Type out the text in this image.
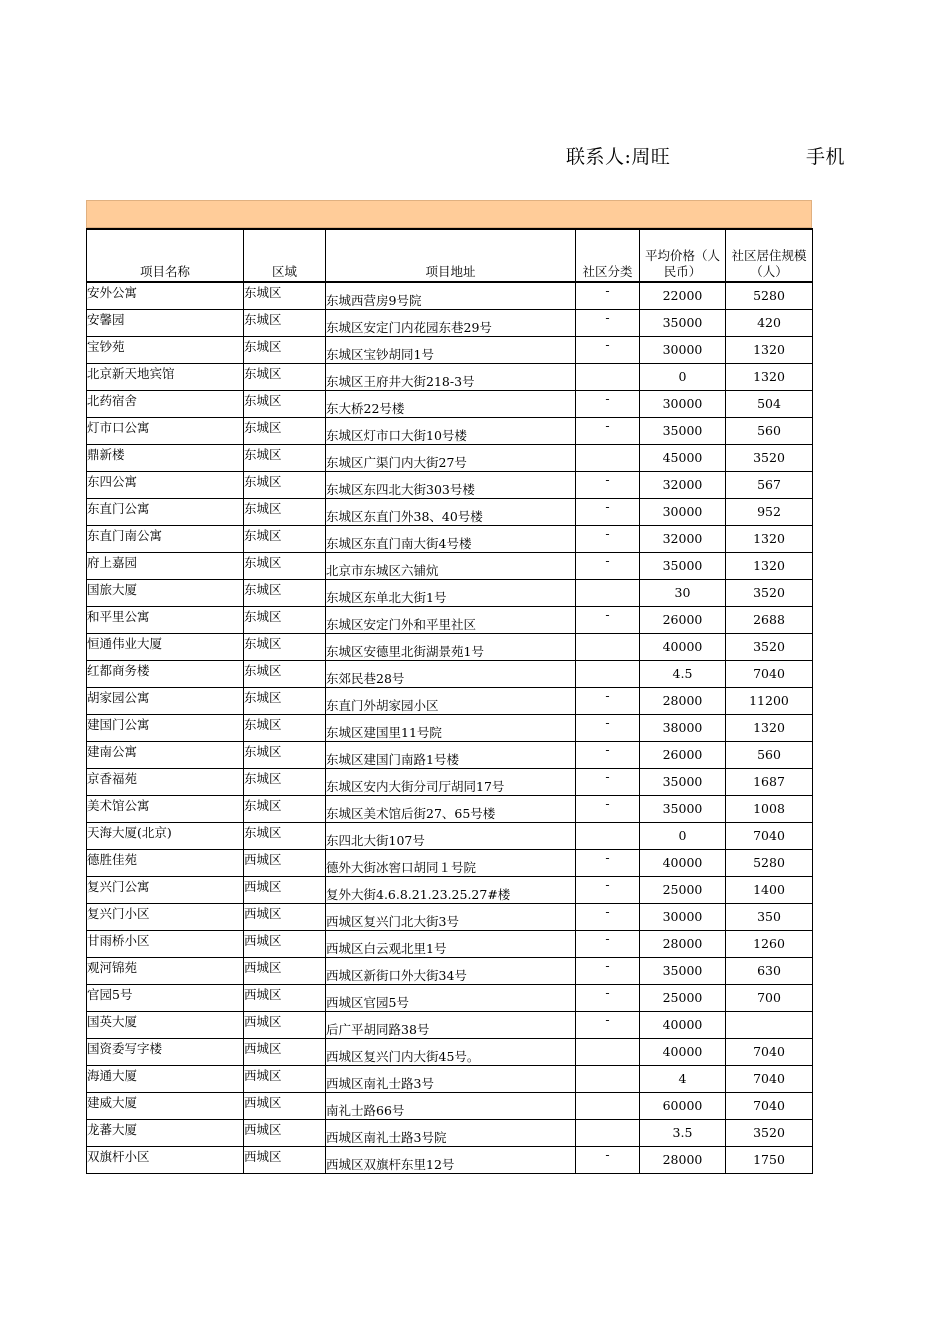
联系人:周旺	手机
项目名称	区域	项目地址	社区分类	平均价格（人民币）	社区居住规模（人）
安外公寓	东城区	东城西营房9号院	-	22000	5280
安馨园	东城区	东城区安定门内花园东巷29号	-	35000	420
宝钞苑	东城区	东城区宝钞胡同1号	-	30000	1320
北京新天地宾馆	东城区	东城区王府井大街218-3号		0	1320
北药宿舍	东城区	东大桥22号楼	-	30000	504
灯市口公寓	东城区	东城区灯市口大街10号楼	-	35000	560
鼎新楼	东城区	东城区广渠门内大街27号		45000	3520
东四公寓	东城区	东城区东四北大街303号楼	-	32000	567
东直门公寓	东城区	东城区东直门外38、40号楼	-	30000	952
东直门南公寓	东城区	东城区东直门南大街4号楼	-	32000	1320
府上嘉园	东城区	北京市东城区六铺炕	-	35000	1320
国旅大厦	东城区	东城区东单北大街1号		30	3520
和平里公寓	东城区	东城区安定门外和平里社区	-	26000	2688
恒通伟业大厦	东城区	东城区安德里北街湖景苑1号		40000	3520
红都商务楼	东城区	东郊民巷28号		4.5	7040
胡家园公寓	东城区	东直门外胡家园小区	-	28000	11200
建国门公寓	东城区	东城区建国里11号院	-	38000	1320
建南公寓	东城区	东城区建国门南路1号楼	-	26000	560
京香福苑	东城区	东城区安内大街分司厅胡同17号	-	35000	1687
美术馆公寓	东城区	东城区美术馆后街27、65号楼	-	35000	1008
天海大厦(北京)	东城区	东四北大街107号		0	7040
德胜佳苑	西城区	德外大街冰窖口胡同１号院	-	40000	5280
复兴门公寓	西城区	复外大街4.6.8.21.23.25.27#楼	-	25000	1400
复兴门小区	西城区	西城区复兴门北大街3号	-	30000	350
甘雨桥小区	西城区	西城区白云观北里1号	-	28000	1260
观河锦苑	西城区	西城区新街口外大街34号	-	35000	630
官园5号	西城区	西城区官园5号	-	25000	700
国英大厦	西城区	后广平胡同路38号	-	40000	
国资委写字楼	西城区	西城区复兴门内大街45号。		40000	7040
海通大厦	西城区	西城区南礼士路3号		4	7040
建威大厦	西城区	南礼士路66号		60000	7040
龙蕃大厦	西城区	西城区南礼士路3号院		3.5	3520
双旗杆小区	西城区	西城区双旗杆东里12号	-	28000	1750
